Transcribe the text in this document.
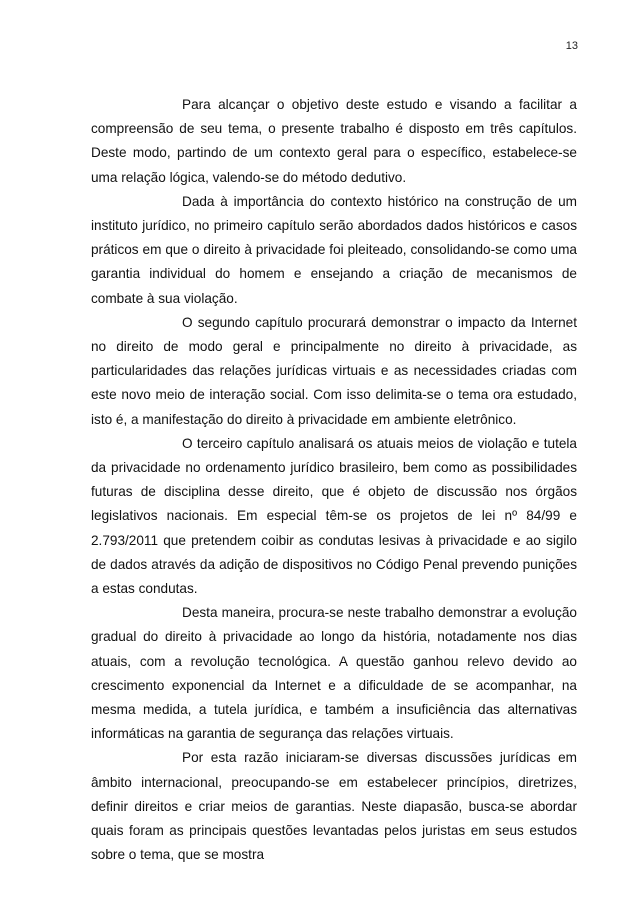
13

Para alcançar o objetivo deste estudo e visando a facilitar a compreensão de seu tema, o presente trabalho é disposto em três capítulos. Deste modo, partindo de um contexto geral para o específico, estabelece-se uma relação lógica, valendo-se do método dedutivo.

Dada à importância do contexto histórico na construção de um instituto jurídico, no primeiro capítulo serão abordados dados históricos e casos práticos em que o direito à privacidade foi pleiteado, consolidando-se como uma garantia individual do homem e ensejando a criação de mecanismos de combate à sua violação.

O segundo capítulo procurará demonstrar o impacto da Internet no direito de modo geral e principalmente no direito à privacidade, as particularidades das relações jurídicas virtuais e as necessidades criadas com este novo meio de interação social. Com isso delimita-se o tema ora estudado, isto é, a manifestação do direito à privacidade em ambiente eletrônico.

O terceiro capítulo analisará os atuais meios de violação e tutela da privacidade no ordenamento jurídico brasileiro, bem como as possibilidades futuras de disciplina desse direito, que é objeto de discussão nos órgãos legislativos nacionais. Em especial têm-se os projetos de lei nº 84/99 e 2.793/2011 que pretendem coibir as condutas lesivas à privacidade e ao sigilo de dados através da adição de dispositivos no Código Penal prevendo punições a estas condutas.

Desta maneira, procura-se neste trabalho demonstrar a evolução gradual do direito à privacidade ao longo da história, notadamente nos dias atuais, com a revolução tecnológica. A questão ganhou relevo devido ao crescimento exponencial da Internet e a dificuldade de se acompanhar, na mesma medida, a tutela jurídica, e também a insuficiência das alternativas informáticas na garantia de segurança das relações virtuais.

Por esta razão iniciaram-se diversas discussões jurídicas em âmbito internacional, preocupando-se em estabelecer princípios, diretrizes, definir direitos e criar meios de garantias. Neste diapasão, busca-se abordar quais foram as principais questões levantadas pelos juristas em seus estudos sobre o tema, que se mostra
